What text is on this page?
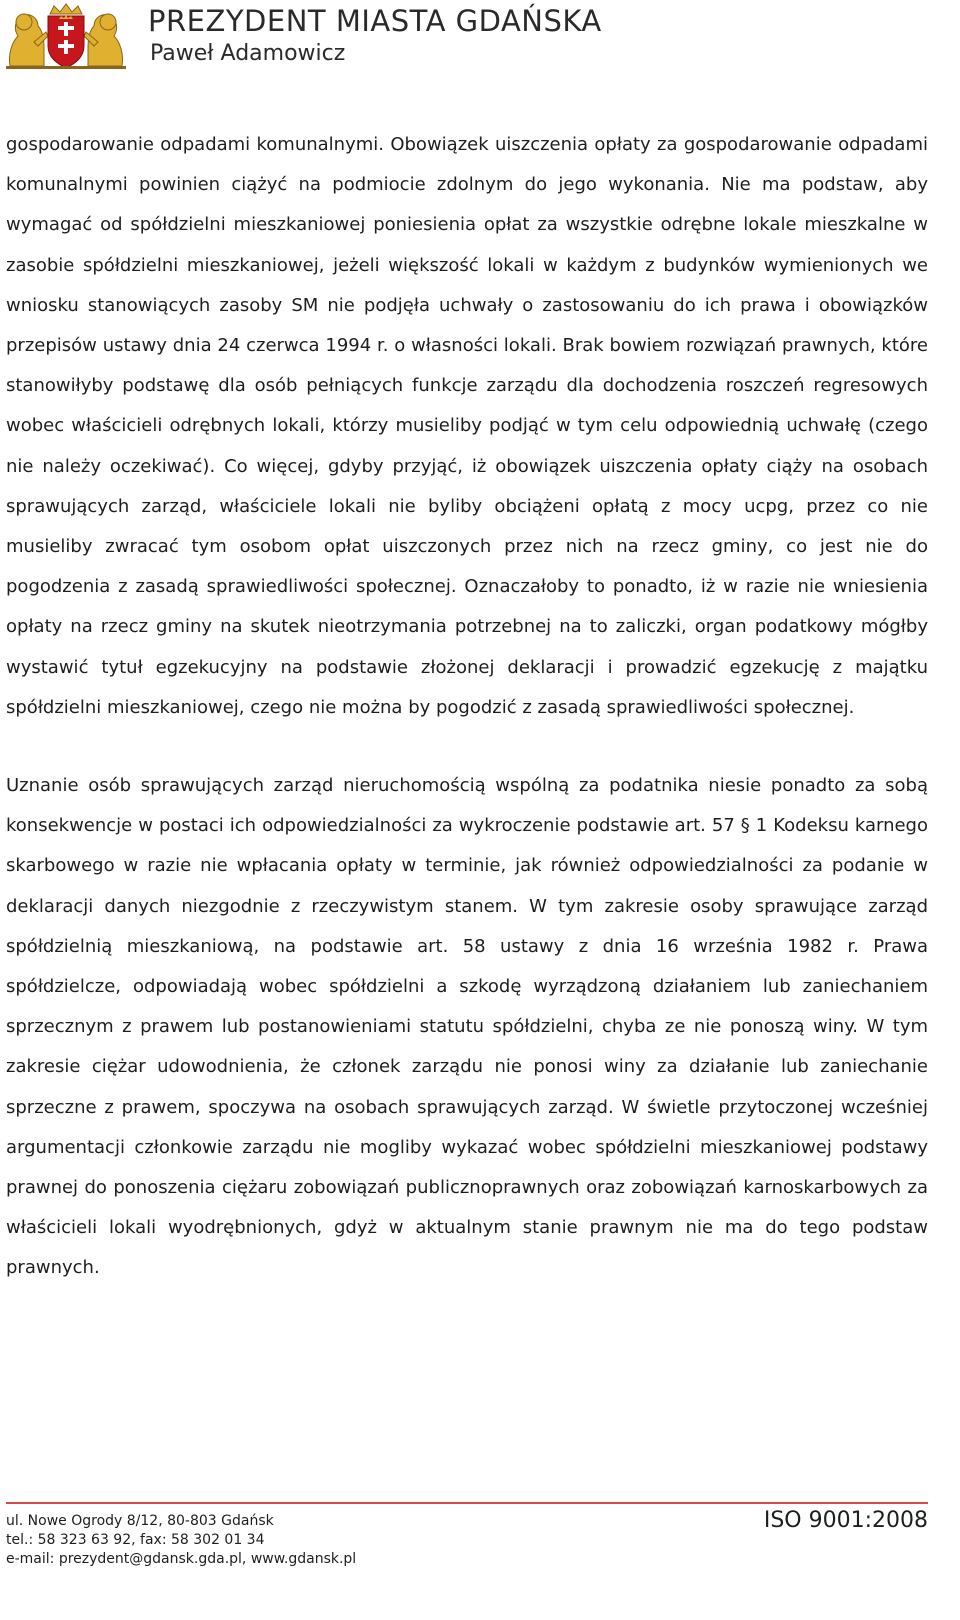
PREZYDENT MIASTA GDAŃSKA
Paweł Adamowicz

gospodarowanie odpadami komunalnymi. Obowiązek uiszczenia opłaty za gospodarowanie odpadami komunalnymi powinien ciążyć na podmiocie zdolnym do jego wykonania. Nie ma podstaw, aby wymagać od spółdzielni mieszkaniowej poniesienia opłat za wszystkie odrębne lokale mieszkalne w zasobie spółdzielni mieszkaniowej, jeżeli większość lokali w każdym z budynków wymienionych we wniosku stanowiących zasoby SM nie podjęła uchwały o zastosowaniu do ich prawa i obowiązków przepisów ustawy dnia 24 czerwca 1994 r. o własności lokali. Brak bowiem rozwiązań prawnych, które stanowiłyby podstawę dla osób pełniących funkcje zarządu dla dochodzenia roszczeń regresowych wobec właścicieli odrębnych lokali, którzy musieliby podjąć w tym celu odpowiednią uchwałę (czego nie należy oczekiwać). Co więcej, gdyby przyjąć, iż obowiązek uiszczenia opłaty ciąży na osobach sprawujących zarząd, właściciele lokali nie byliby obciążeni opłatą z mocy ucpg, przez co nie musieliby zwracać tym osobom opłat uiszczonych przez nich na rzecz gminy, co jest nie do pogodzenia z zasadą sprawiedliwości społecznej. Oznaczałoby to ponadto, iż w razie nie wniesienia opłaty na rzecz gminy na skutek nieotrzymania potrzebnej na to zaliczki, organ podatkowy mógłby wystawić tytuł egzekucyjny na podstawie złożonej deklaracji i prowadzić egzekucję z majątku spółdzielni mieszkaniowej, czego nie można by pogodzić z zasadą sprawiedliwości społecznej.

Uznanie osób sprawujących zarząd nieruchomością wspólną za podatnika niesie ponadto za sobą konsekwencje w postaci ich odpowiedzialności za wykroczenie podstawie art. 57 § 1 Kodeksu karnego skarbowego w razie nie wpłacania opłaty w terminie, jak również odpowiedzialności za podanie w deklaracji danych niezgodnie z rzeczywistym stanem. W tym zakresie osoby sprawujące zarząd spółdzielnią mieszkaniową, na podstawie art. 58 ustawy z dnia 16 września 1982 r. Prawa spółdzielcze, odpowiadają wobec spółdzielni a szkodę wyrządzoną działaniem lub zaniechaniem sprzecznym z prawem lub postanowieniami statutu spółdzielni, chyba ze nie ponoszą winy. W tym zakresie ciężar udowodnienia, że członek zarządu nie ponosi winy za działanie lub zaniechanie sprzeczne z prawem, spoczywa na osobach sprawujących zarząd. W świetle przytoczonej wcześniej argumentacji członkowie zarządu nie mogliby wykazać wobec spółdzielni mieszkaniowej podstawy prawnej do ponoszenia ciężaru zobowiązań publicznoprawnych oraz zobowiązań karnoskarbowych za właścicieli lokali wyodrębnionych, gdyż w aktualnym stanie prawnym nie ma do tego podstaw prawnych.

ul. Nowe Ogrody 8/12, 80-803 Gdańsk
tel.: 58 323 63 92, fax: 58 302 01 34
e-mail: prezydent@gdansk.gda.pl, www.gdansk.pl
ISO 9001:2008
